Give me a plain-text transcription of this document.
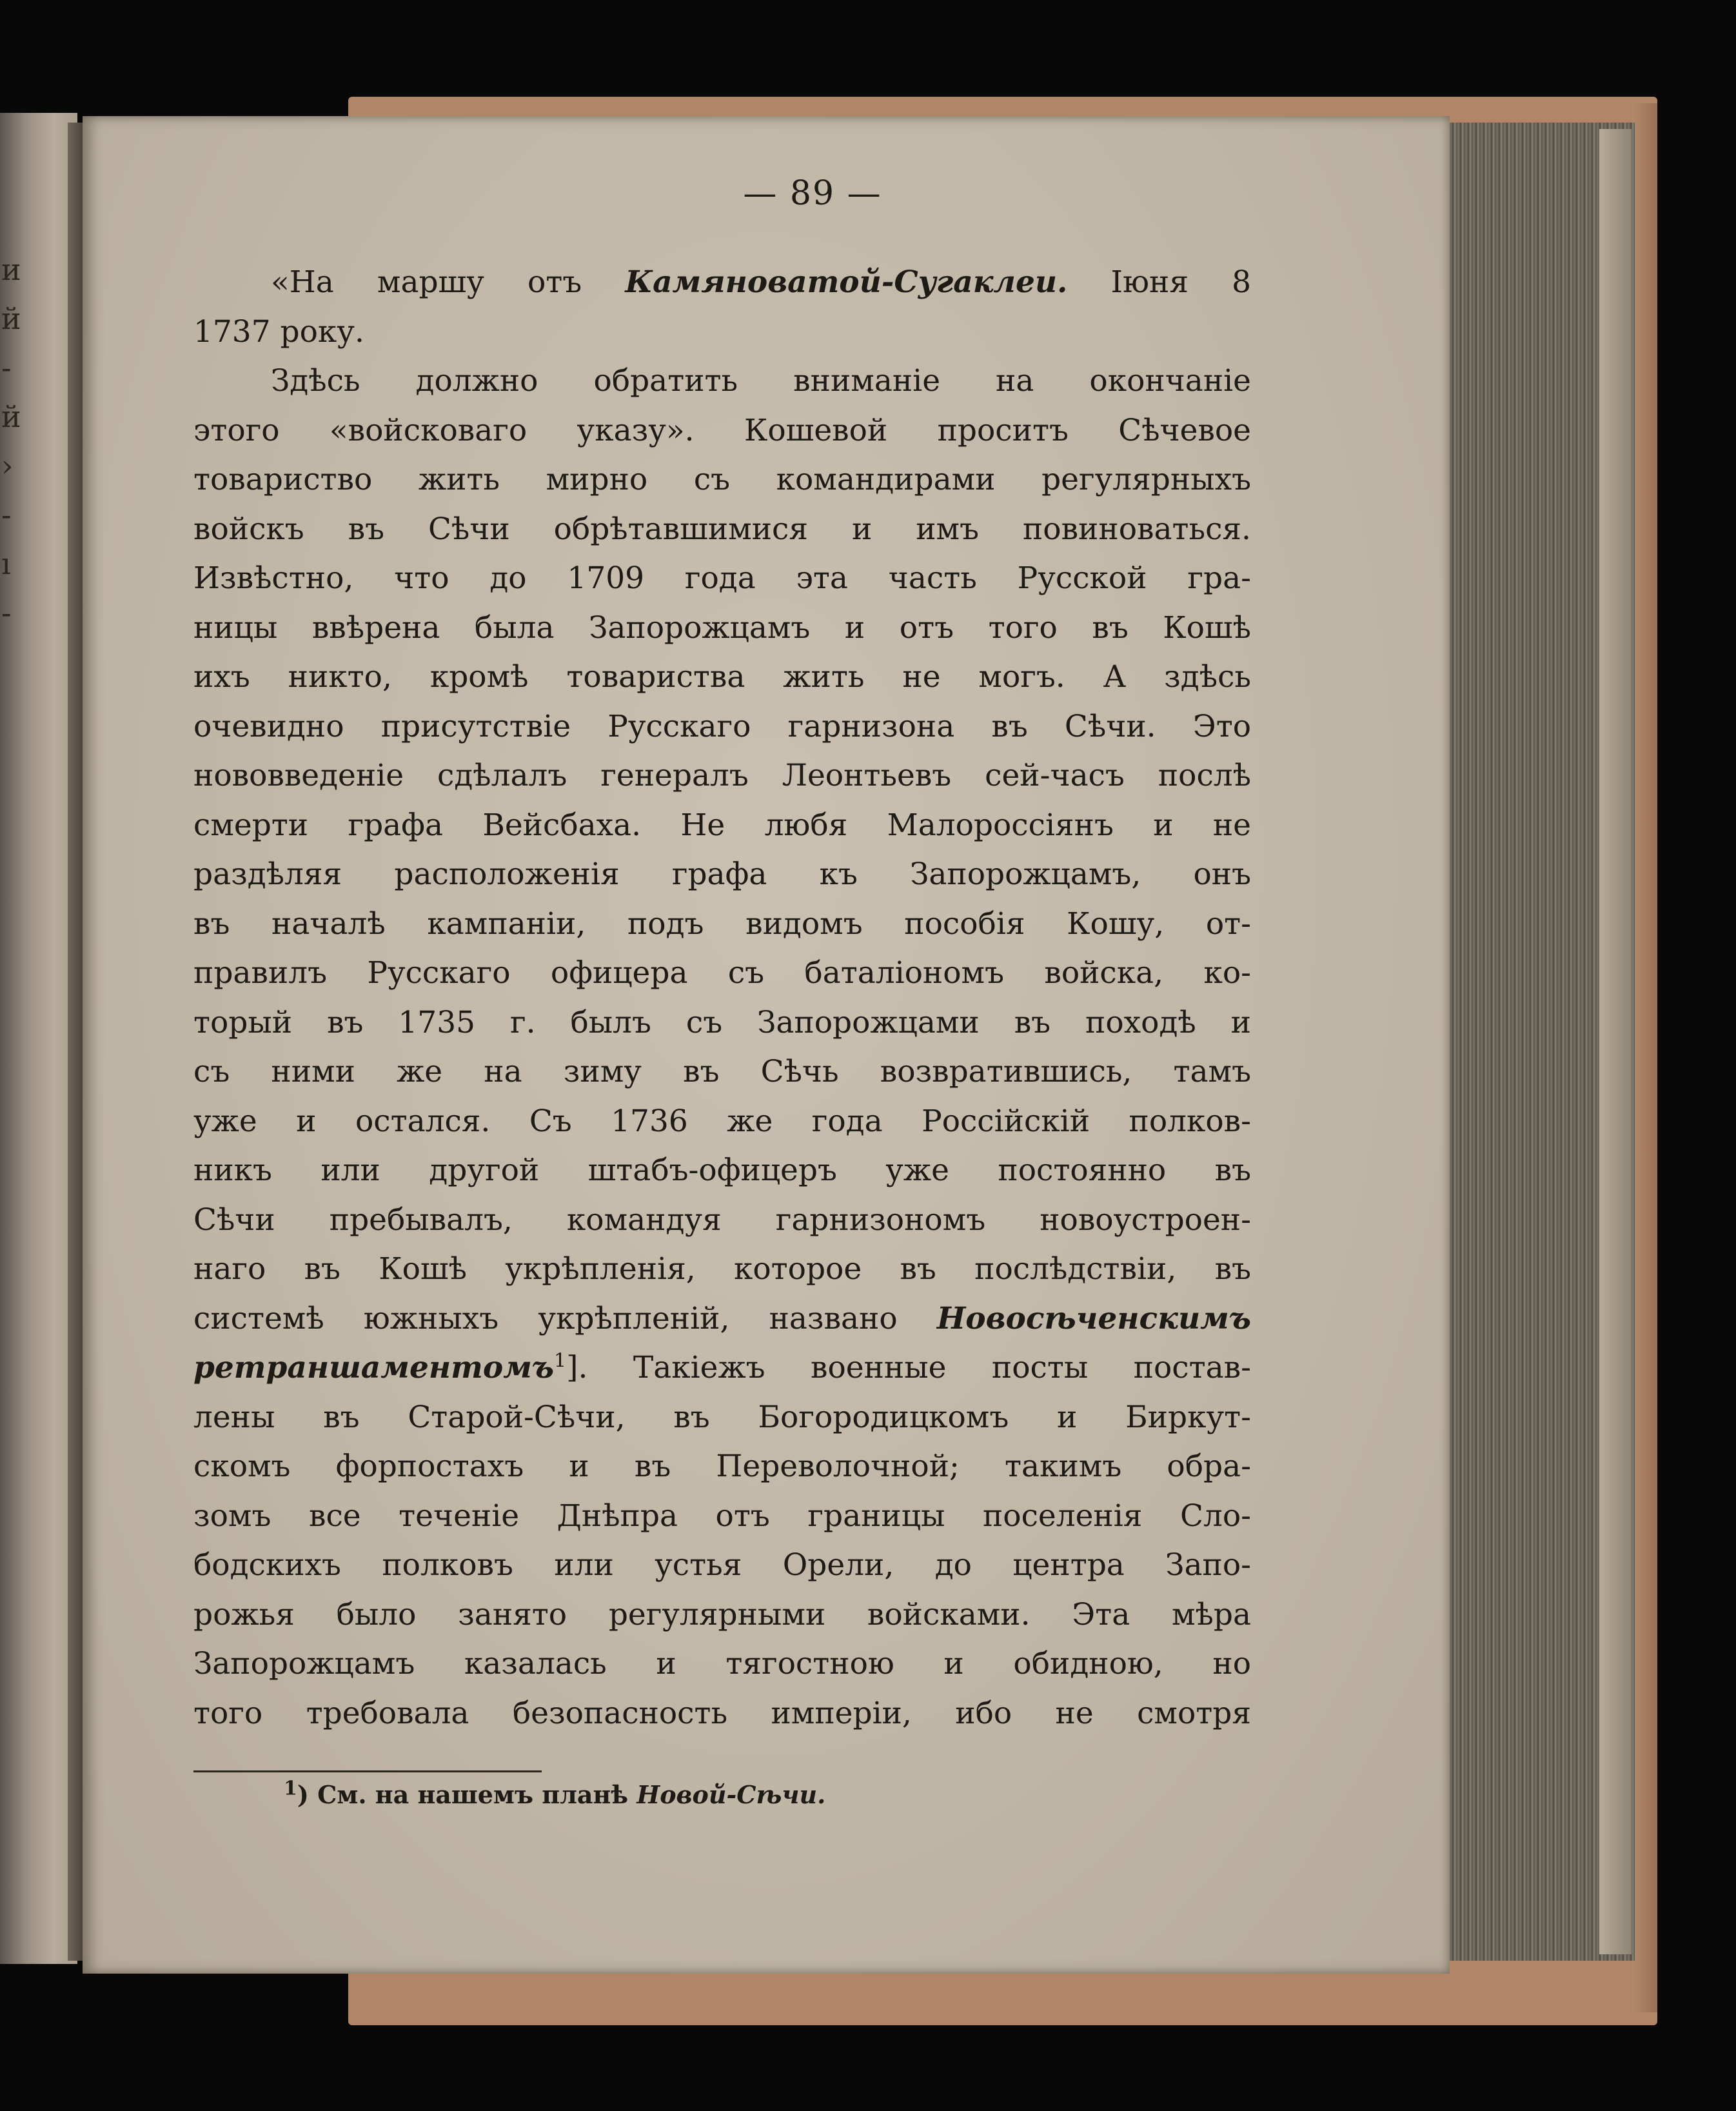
и
й
-
й
›
-
ı
-
— 89 —
«На маршу отъ Камяноватой-Сугаклеи. Іюня 8
1737 року.
Здѣсь должно обратить вниманіе на окончаніе
этого «войсковаго указу». Кошевой проситъ Сѣчевое
товариство жить мирно съ командирами регулярныхъ
войскъ въ Сѣчи обрѣтавшимися и имъ повиноваться.
Извѣстно, что до 1709 года эта часть Русской гра-
ницы ввѣрена была Запорожцамъ и отъ того въ Кошѣ
ихъ никто, кромѣ товариства жить не могъ. А здѣсь
очевидно присутствіе Русскаго гарнизона въ Сѣчи. Это
нововведеніе сдѣлалъ генералъ Леонтьевъ сей-часъ послѣ
смерти графа Вейсбаха. Не любя Малороссіянъ и не
раздѣляя расположенія графа къ Запорожцамъ, онъ
въ началѣ кампаніи, подъ видомъ пособія Кошу, от-
правилъ Русскаго офицера съ баталіономъ войска, ко-
торый въ 1735 г. былъ съ Запорожцами въ походѣ и
съ ними же на зиму въ Сѣчь возвратившись, тамъ
уже и остался. Съ 1736 же года Россійскій полков-
никъ или другой штабъ-офицеръ уже постоянно въ
Сѣчи пребывалъ, командуя гарнизономъ новоустроен-
наго въ Кошѣ укрѣпленія, которое въ послѣдствіи, въ
системѣ южныхъ укрѣпленій, названо Новосѣченскимъ
ретраншаментомъ$^1$]. Такіежъ военные посты постав-
лены въ Старой-Сѣчи, въ Богородицкомъ и Биркут-
скомъ форпостахъ и въ Переволочной; такимъ обра-
зомъ все теченіе Днѣпра отъ границы поселенія Сло-
бодскихъ полковъ или устья Орели, до центра Запо-
рожья было занято регулярными войсками. Эта мѣра
Запорожцамъ казалась и тягостною и обидною, но
того требовала безопасность имперіи, ибо не смотря
$^1$) См. на нашемъ планѣ Новой-Сѣчи.
